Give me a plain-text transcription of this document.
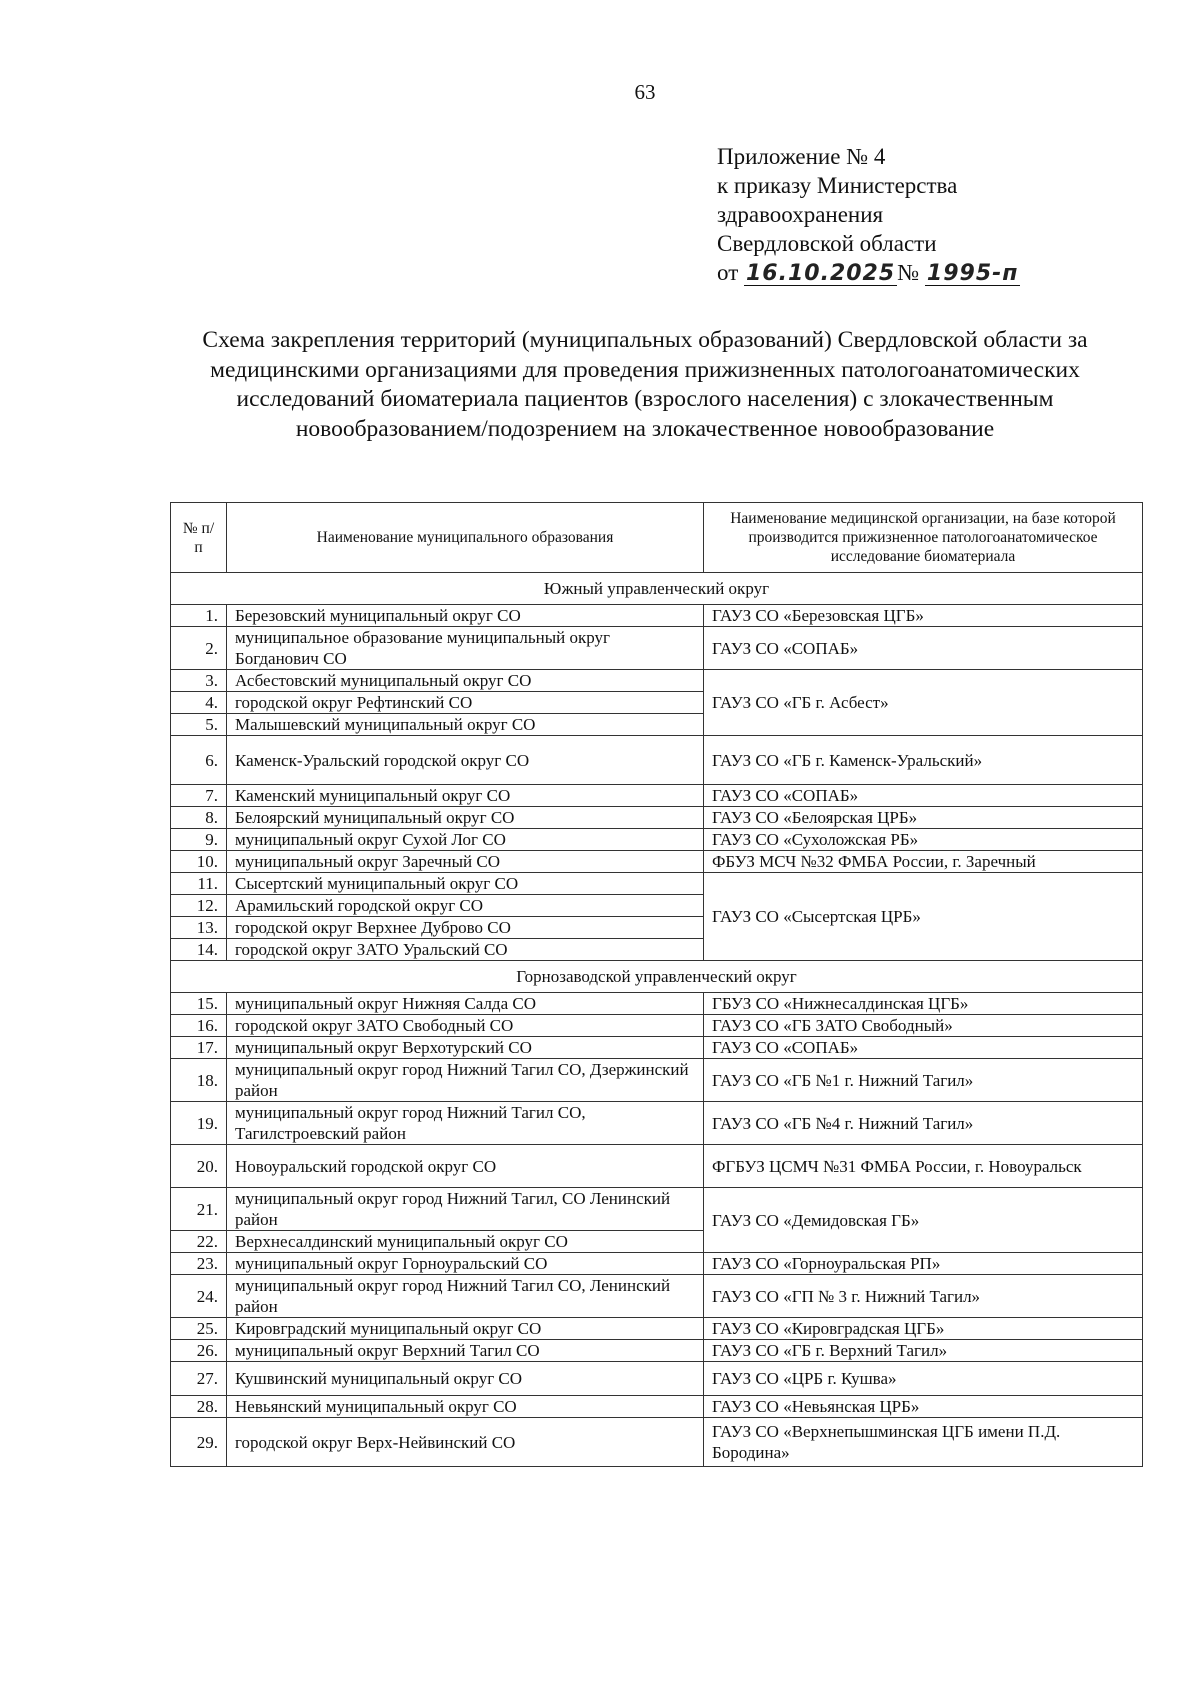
63
Приложение № 4
к приказу Министерства
здравоохранения
Свердловской области
от 16.10.2025№ 1995-п
Схема закрепления территорий (муниципальных образований) Свердловской области за медицинскими организациями для проведения прижизненных патологоанатомических исследований биоматериала пациентов (взрослого населения) с злокачественным новообразованием/подозрением на злокачественное новообразование
№ п/п	Наименование муниципального образования	Наименование медицинской организации, на базе которой производится прижизненное патологоанатомическое исследование биоматериала
Южный управленческий округ		
1.	Березовский муниципальный округ СО	ГАУЗ СО «Березовская ЦГБ»
2.	муниципальное образование муниципальный округ Богданович СО	ГАУЗ СО «СОПАБ»
3.	Асбестовский муниципальный округ СО	ГАУЗ СО «ГБ г. Асбест»
4.	городской округ Рефтинский СО	
5.	Малышевский муниципальный округ СО	
6.	Каменск-Уральский городской округ СО	ГАУЗ СО «ГБ г. Каменск-Уральский»
7.	Каменский муниципальный округ СО	ГАУЗ СО «СОПАБ»
8.	Белоярский муниципальный округ СО	ГАУЗ СО «Белоярская ЦРБ»
9.	муниципальный округ Сухой Лог СО	ГАУЗ СО «Сухоложская РБ»
10.	муниципальный округ Заречный СО	ФБУЗ МСЧ №32 ФМБА России, г. Заречный
11.	Сысертский муниципальный округ СО	ГАУЗ СО «Сысертская ЦРБ»
12.	Арамильский городской округ СО	
13.	городской округ Верхнее Дуброво СО	
14.	городской округ ЗАТО Уральский СО	
Горнозаводской управленческий округ		
15.	муниципальный округ Нижняя Салда СО	ГБУЗ СО «Нижнесалдинская ЦГБ»
16.	городской округ ЗАТО Свободный СО	ГАУЗ СО «ГБ ЗАТО Свободный»
17.	муниципальный округ Верхотурский СО	ГАУЗ СО «СОПАБ»
18.	муниципальный округ город Нижний Тагил СО, Дзержинский район	ГАУЗ СО «ГБ №1 г. Нижний Тагил»
19.	муниципальный округ город Нижний Тагил СО, Тагилстроевский район	ГАУЗ СО «ГБ №4 г. Нижний Тагил»
20.	Новоуральский городской округ СО	ФГБУЗ ЦСМЧ №31 ФМБА России, г. Новоуральск
21.	муниципальный округ город Нижний Тагил, СО Ленинский район	ГАУЗ СО «Демидовская ГБ»
22.	Верхнесалдинский муниципальный округ СО	
23.	муниципальный округ Горноуральский СО	ГАУЗ СО «Горноуральская РП»
24.	муниципальный округ город Нижний Тагил СО, Ленинский район	ГАУЗ СО «ГП № 3 г. Нижний Тагил»
25.	Кировградский муниципальный округ СО	ГАУЗ СО «Кировградская ЦГБ»
26.	муниципальный округ Верхний Тагил СО	ГАУЗ СО «ГБ г. Верхний Тагил»
27.	Кушвинский муниципальный округ СО	ГАУЗ СО «ЦРБ г. Кушва»
28.	Невьянский муниципальный округ СО	ГАУЗ СО «Невьянская ЦРБ»
29.	городской округ Верх-Нейвинский СО	ГАУЗ СО «Верхнепышминская ЦГБ имени П.Д. Бородина»
